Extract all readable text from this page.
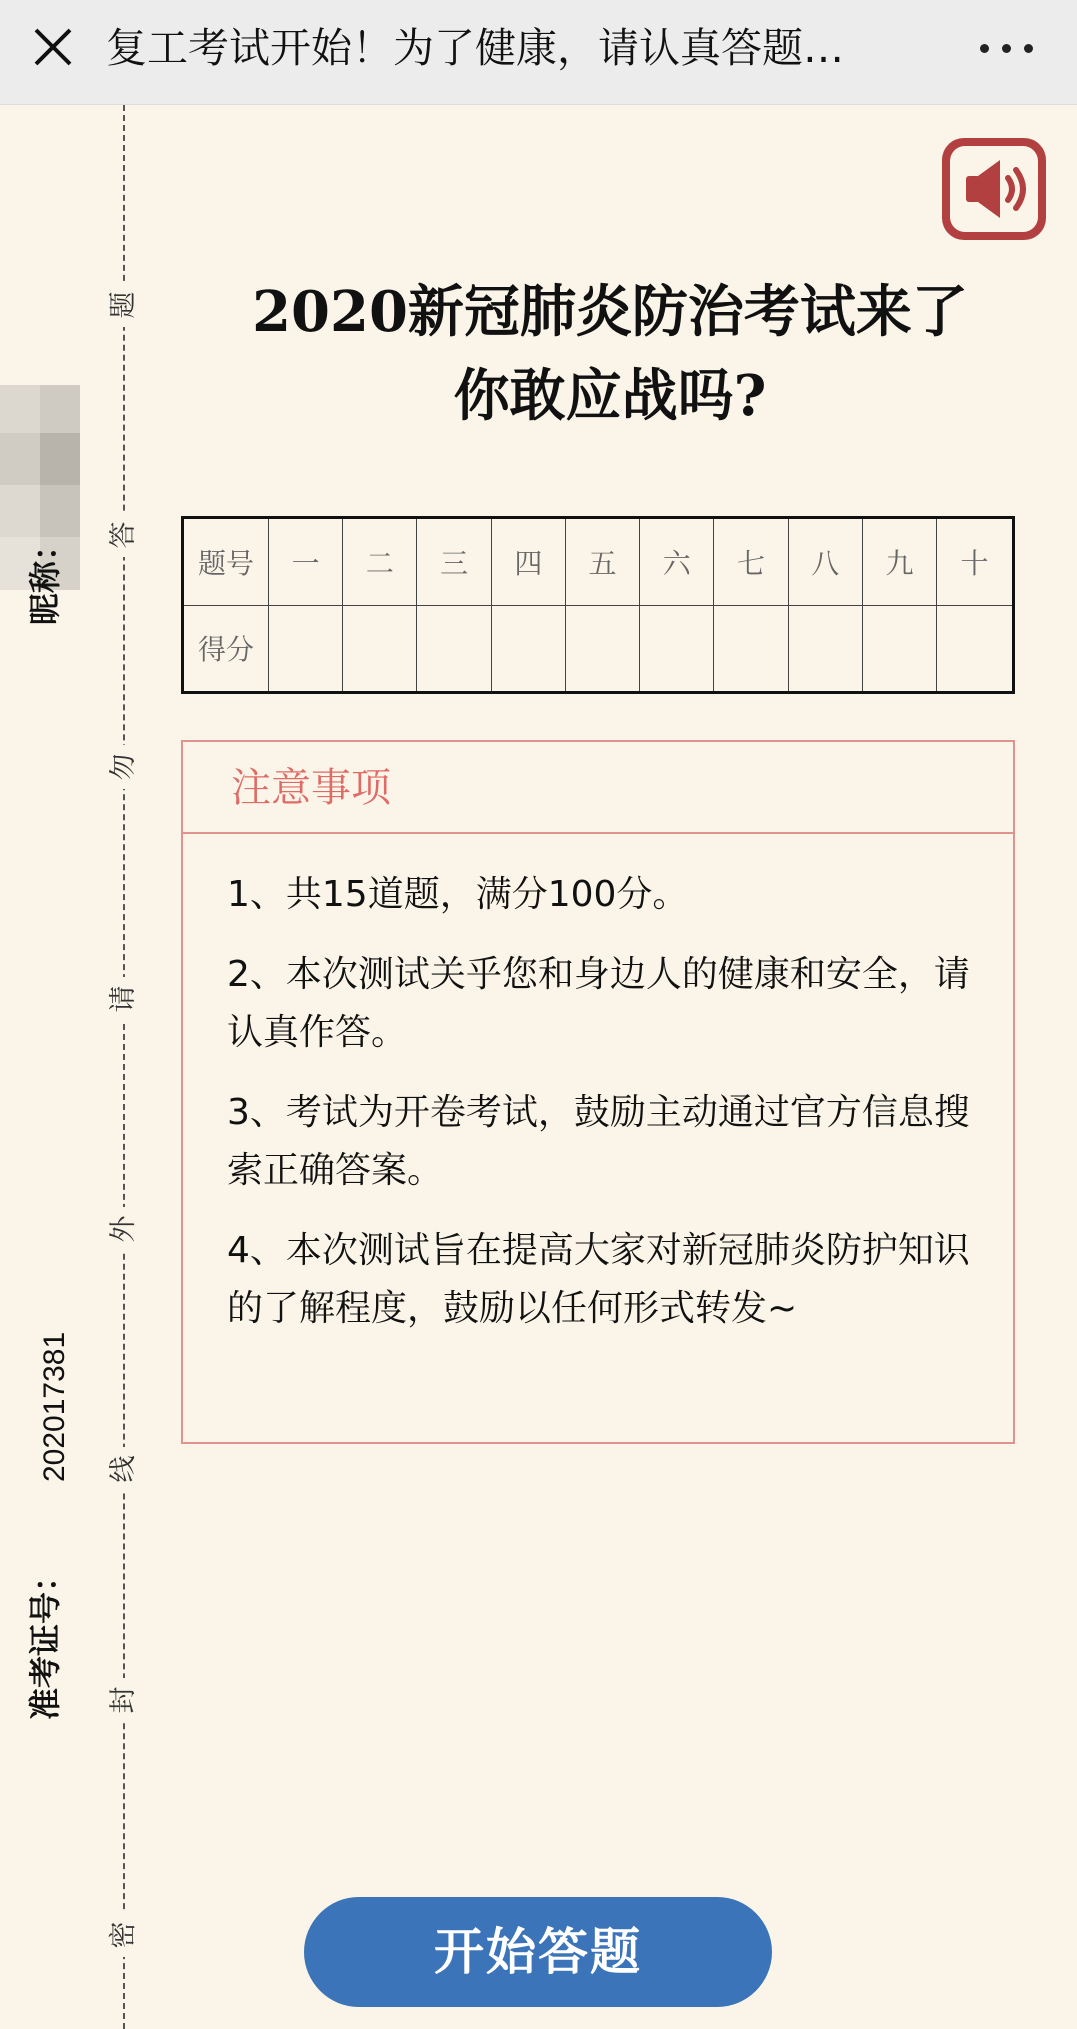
复工考试开始！为了健康，请认真答题…
题
答
勿
请
外
线
封
密
昵称：
202017381
准考证号：
2020新冠肺炎防治考试来了
你敢应战吗?
题号	一	二	三	四	五	六	七	八	九	十
得分										
注意事项

1、共15道题，满分100分。

2、本次测试关乎您和身边人的健康和安全，请认真作答。

3、考试为开卷考试，鼓励主动通过官方信息搜索正确答案。

4、本次测试旨在提高大家对新冠肺炎防护知识的了解程度，鼓励以任何形式转发~

开始答题
